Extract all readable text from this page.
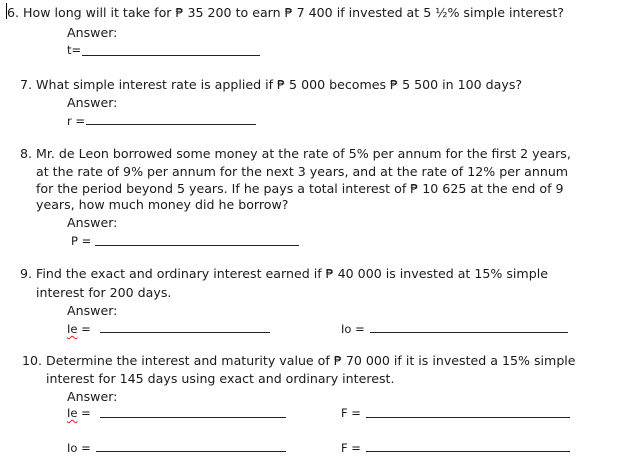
6. How long will it take for ₱ 35 200 to earn ₱ 7 400 if invested at 5 ½% simple interest?
Answer:
t=
7. What simple interest rate is applied if ₱ 5 000 becomes ₱ 5 500 in 100 days?
Answer:
r =
8. Mr. de Leon borrowed some money at the rate of 5% per annum for the first 2 years,
at the rate of 9% per annum for the next 3 years, and at the rate of 12% per annum
for the period beyond 5 years. If he pays a total interest of ₱ 10 625 at the end of 9
years, how much money did he borrow?
Answer:
P =
9. Find the exact and ordinary interest earned if ₱ 40 000 is invested at 15% simple
interest for 200 days.
Answer:
Ie =	Io =
10. Determine the interest and maturity value of ₱ 70 000 if it is invested a 15% simple
interest for 145 days using exact and ordinary interest.
Answer:
Ie =	F =
Io =	F =
